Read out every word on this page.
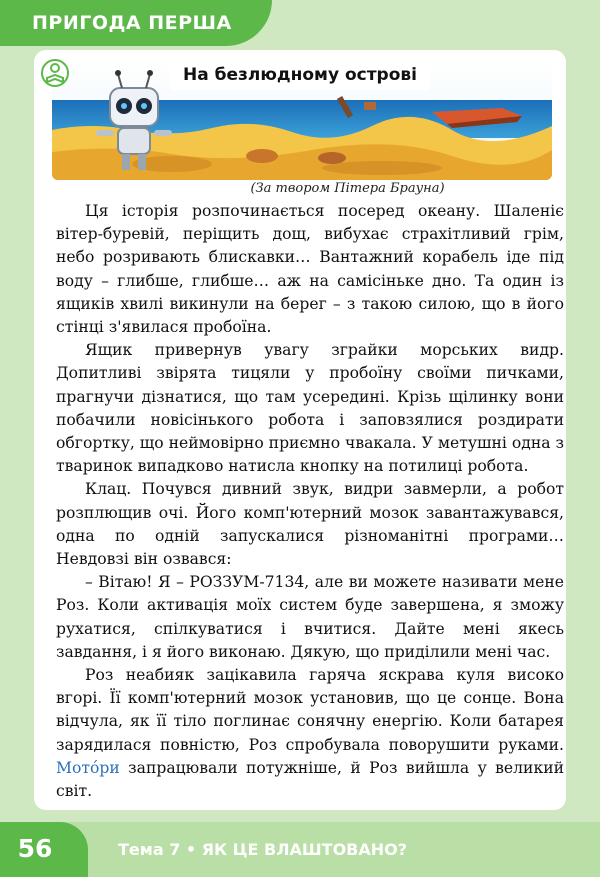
ПРИГОДА ПЕРША
На безлюдному острові
(За твором Пітера Брауна)

Ця історія розпочинається посеред океану. Шаленіє вітер-буревій, періщить дощ, вибухає страхітливий грім, небо розривають блискавки… Вантажний корабель іде під воду – глибше, глибше… аж на самісіньке дно. Та один із ящиків хвилі викинули на берег – з такою силою, що в його стінці з'явилася пробоїна.

Ящик привернув увагу зграйки морських видр. Допитливі звірята тицяли у пробоїну своїми пичками, прагнучи дізнатися, що там усередині. Крізь щілинку вони побачили новісінького робота і заповзялися роздирати обгортку, що неймовірно приємно чвакала. У метушні одна з тваринок випадково натисла кнопку на потилиці робота.

Клац. Почувся дивний звук, видри завмерли, а робот розплющив очі. Його комп'ютерний мозок завантажувався, одна по одній запускалися різноманітні програми… Невдовзі він озвався:

– Вітаю! Я – РОЗЗУМ-7134, але ви можете називати мене Роз. Коли активація моїх систем буде завершена, я зможу рухатися, спілкуватися і вчитися. Дайте мені якесь завдання, і я його виконаю. Дякую, що приділили мені час.

Роз неабияк зацікавила гаряча яскрава куля високо вгорі. Її комп'ютерний мозок установив, що це сонце. Вона відчула, як її тіло поглинає сонячну енергію. Коли батарея зарядилася повністю, Роз спробувала поворушити руками. Мото́ри запрацювали потужніше, й Роз вийшла у великий світ.

56	Тема 7 • ЯК ЦЕ ВЛАШТОВАНО?
